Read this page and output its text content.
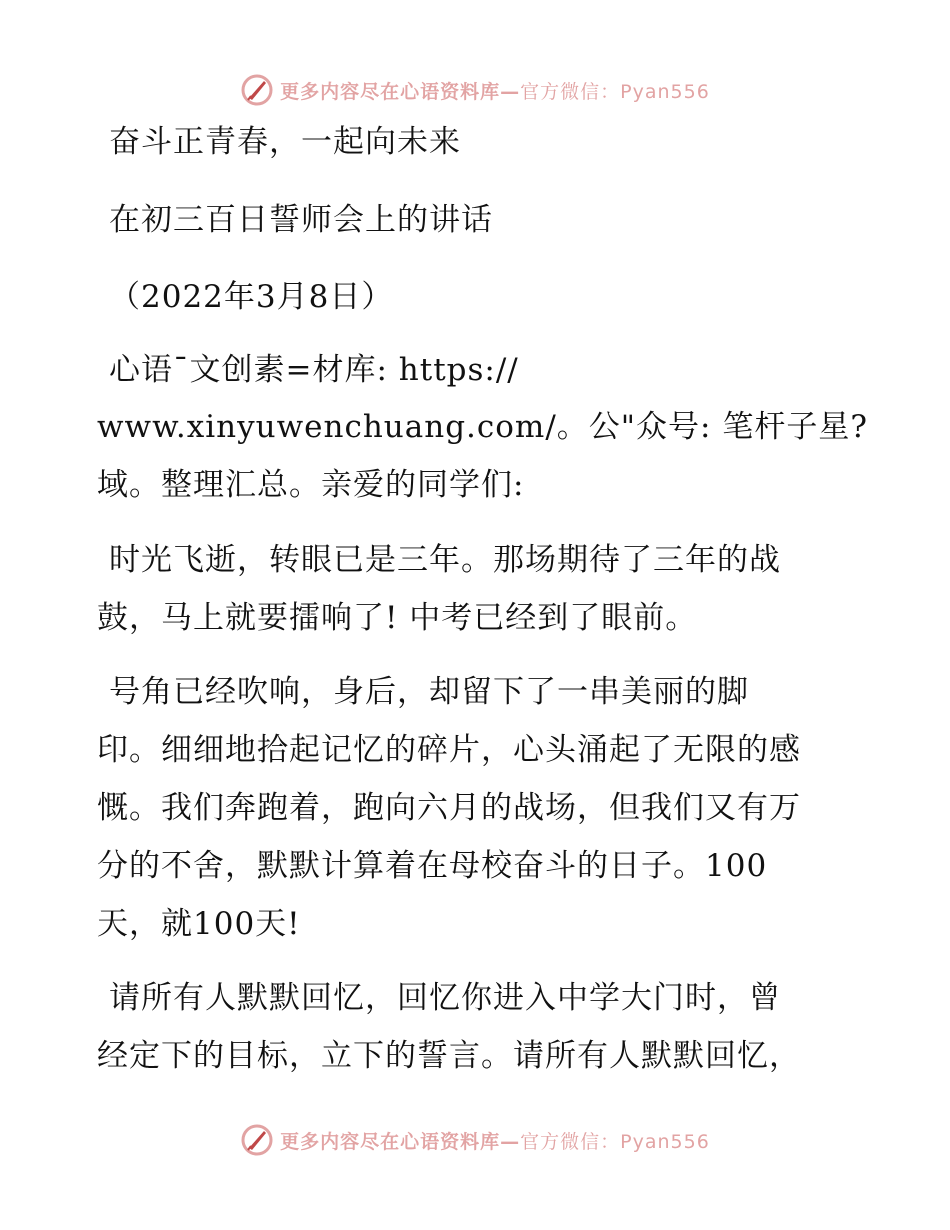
更多内容尽在心语资料库—官方微信：Pyan556
奋斗正青春，一起向未来
在初三百日誓师会上的讲话
（2022年3月8日）
心语¯文创素=材库: https://
www.xinyuwenchuang.com/。公"众号: 笔杆子星?
域。整理汇总。亲爱的同学们:
时光飞逝，转眼已是三年。那场期待了三年的战
鼓，马上就要擂响了! 中考已经到了眼前。
号角已经吹响，身后，却留下了一串美丽的脚
印。细细地拾起记忆的碎片，心头涌起了无限的感
慨。我们奔跑着，跑向六月的战场，但我们又有万
分的不舍，默默计算着在母校奋斗的日子。100
天，就100天!
请所有人默默回忆，回忆你进入中学大门时，曾
经定下的目标，立下的誓言。请所有人默默回忆，
更多内容尽在心语资料库—官方微信：Pyan556
